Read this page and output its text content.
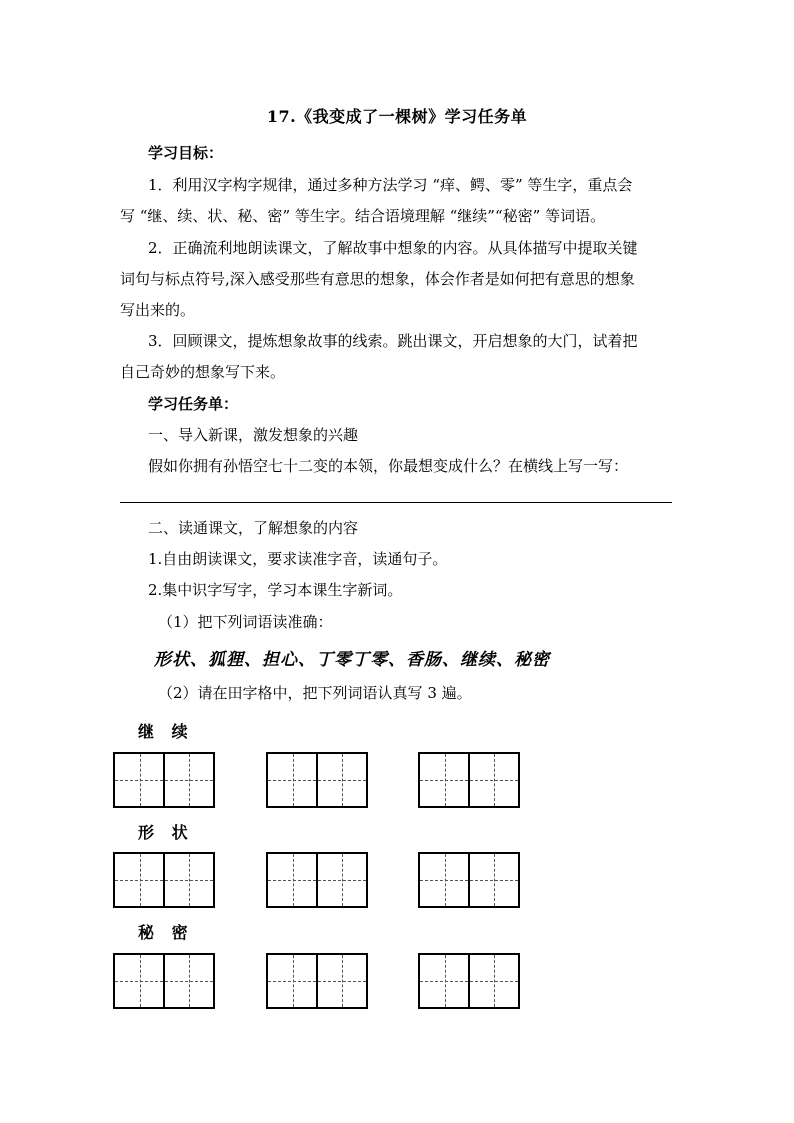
17.《我变成了一棵树》学习任务单
学习目标：
1．利用汉字构字规律，通过多种方法学习 “痒、鳄、零” 等生字，重点会
写 “继、续、状、秘、密” 等生字。结合语境理解 “继续”“秘密” 等词语。
2．正确流利地朗读课文，了解故事中想象的内容。从具体描写中提取关键
词句与标点符号,深入感受那些有意思的想象，体会作者是如何把有意思的想象
写出来的。
3．回顾课文，提炼想象故事的线索。跳出课文，开启想象的大门，试着把
自己奇妙的想象写下来。
学习任务单：
一、导入新课，激发想象的兴趣
假如你拥有孙悟空七十二变的本领，你最想变成什么？在横线上写一写：
二、读通课文，了解想象的内容
1.自由朗读课文，要求读准字音，读通句子。
2.集中识字写字，学习本课生字新词。
（1）把下列词语读准确：
形状、狐狸、担心、丁零丁零、香肠、继续、秘密
（2）请在田字格中，把下列词语认真写 3 遍。
继 续
形 状
秘 密
